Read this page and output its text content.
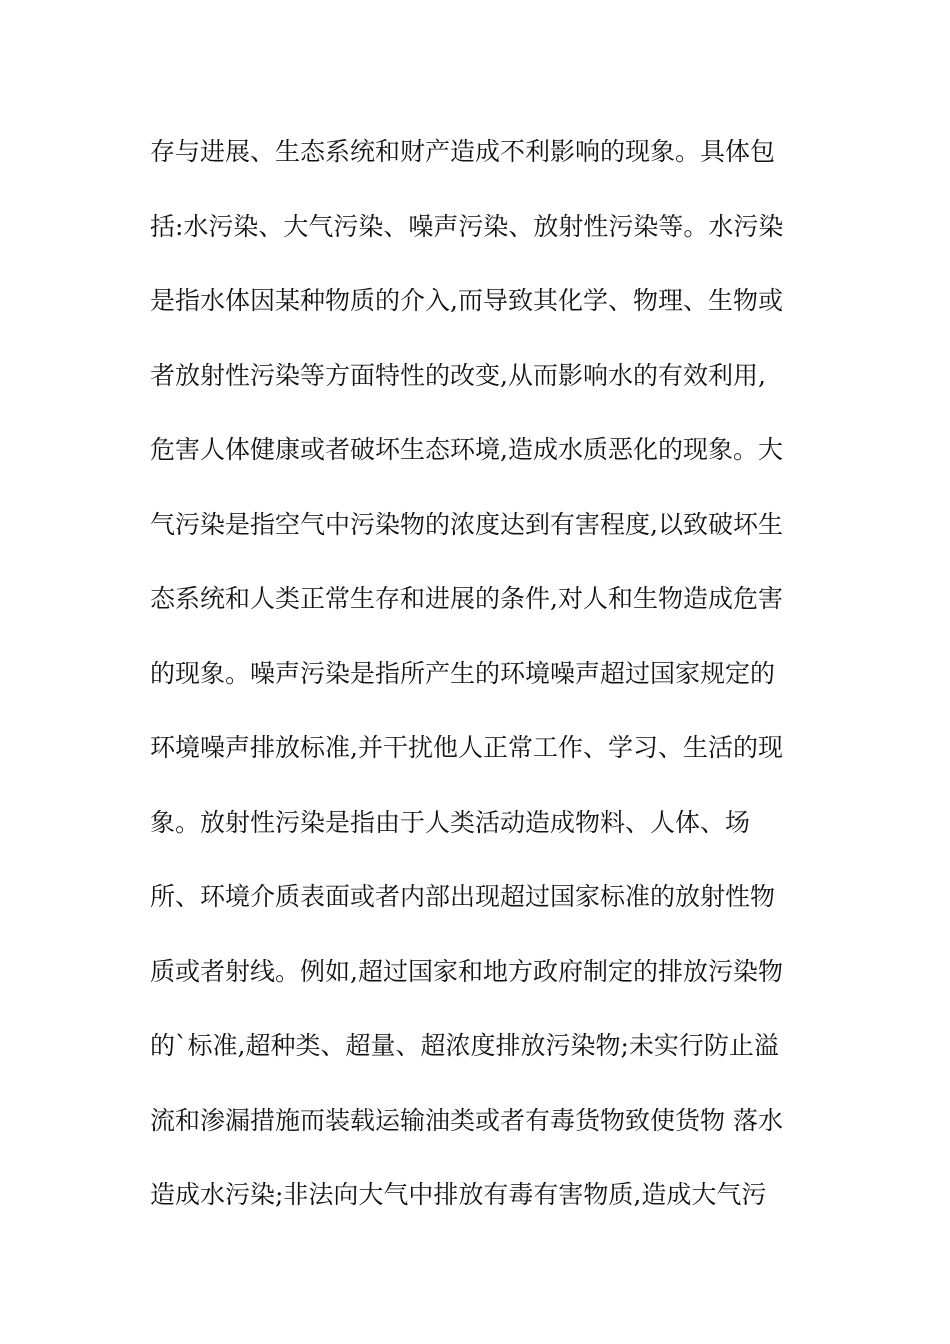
存与进展、生态系统和财产造成不利影响的现象。具体包
括:水污染、大气污染、噪声污染、放射性污染等。水污染
是指水体因某种物质的介入,而导致其化学、物理、生物或
者放射性污染等方面特性的改变,从而影响水的有效利用,
危害人体健康或者破坏生态环境,造成水质恶化的现象。大
气污染是指空气中污染物的浓度达到有害程度,以致破坏生
态系统和人类正常生存和进展的条件,对人和生物造成危害
的现象。噪声污染是指所产生的环境噪声超过国家规定的
环境噪声排放标准,并干扰他人正常工作、学习、生活的现
象。放射性污染是指由于人类活动造成物料、人体、场
所、环境介质表面或者内部出现超过国家标准的放射性物
质或者射线。例如,超过国家和地方政府制定的排放污染物
的`标准,超种类、超量、超浓度排放污染物;未实行防止溢
流和渗漏措施而装载运输油类或者有毒货物致使货物 落水
造成水污染;非法向大气中排放有毒有害物质,造成大气污
